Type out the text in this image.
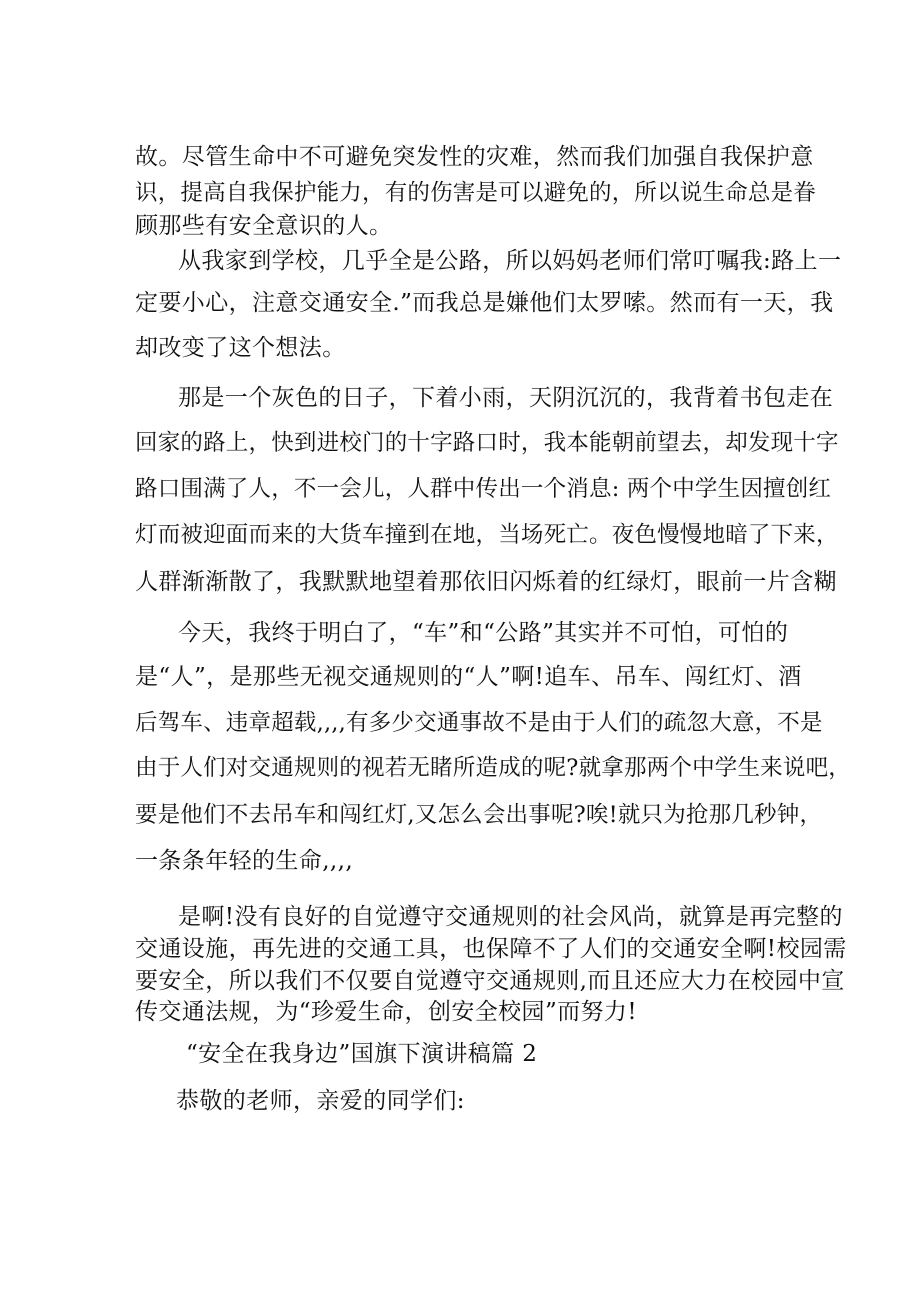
故。尽管生命中不可避免突发性的灾难，然而我们加强自我保护意
识，提高自我保护能力，有的伤害是可以避免的，所以说生命总是眷
顾那些有安全意识的人。
从我家到学校，几乎全是公路，所以妈妈老师们常叮嘱我:路上一
定要小心，注意交通安全.”而我总是嫌他们太罗嗦。然而有一天，我
却改变了这个想法。
那是一个灰色的日子，下着小雨，天阴沉沉的，我背着书包走在
回家的路上，快到进校门的十字路口时，我本能朝前望去，却发现十字
路口围满了人，不一会儿，人群中传出一个消息: 两个中学生因擅创红
灯而被迎面而来的大货车撞到在地，当场死亡。夜色慢慢地暗了下来，
人群渐渐散了，我默默地望着那依旧闪烁着的红绿灯，眼前一片含糊
今天，我终于明白了，“车”和“公路”其实并不可怕，可怕的
是“人”，是那些无视交通规则的“人”啊!追车、吊车、闯红灯、酒
后驾车、违章超载,,,,有多少交通事故不是由于人们的疏忽大意，不是
由于人们对交通规则的视若无睹所造成的呢?就拿那两个中学生来说吧，
要是他们不去吊车和闯红灯,又怎么会出事呢?唉!就只为抢那几秒钟，
一条条年轻的生命,,,,
是啊!没有良好的自觉遵守交通规则的社会风尚，就算是再完整的
交通设施，再先进的交通工具，也保障不了人们的交通安全啊!校园需
要安全，所以我们不仅要自觉遵守交通规则,而且还应大力在校园中宣
传交通法规，为“珍爱生命，创安全校园”而努力!
“安全在我身边”国旗下演讲稿篇 2
恭敬的老师，亲爱的同学们:
